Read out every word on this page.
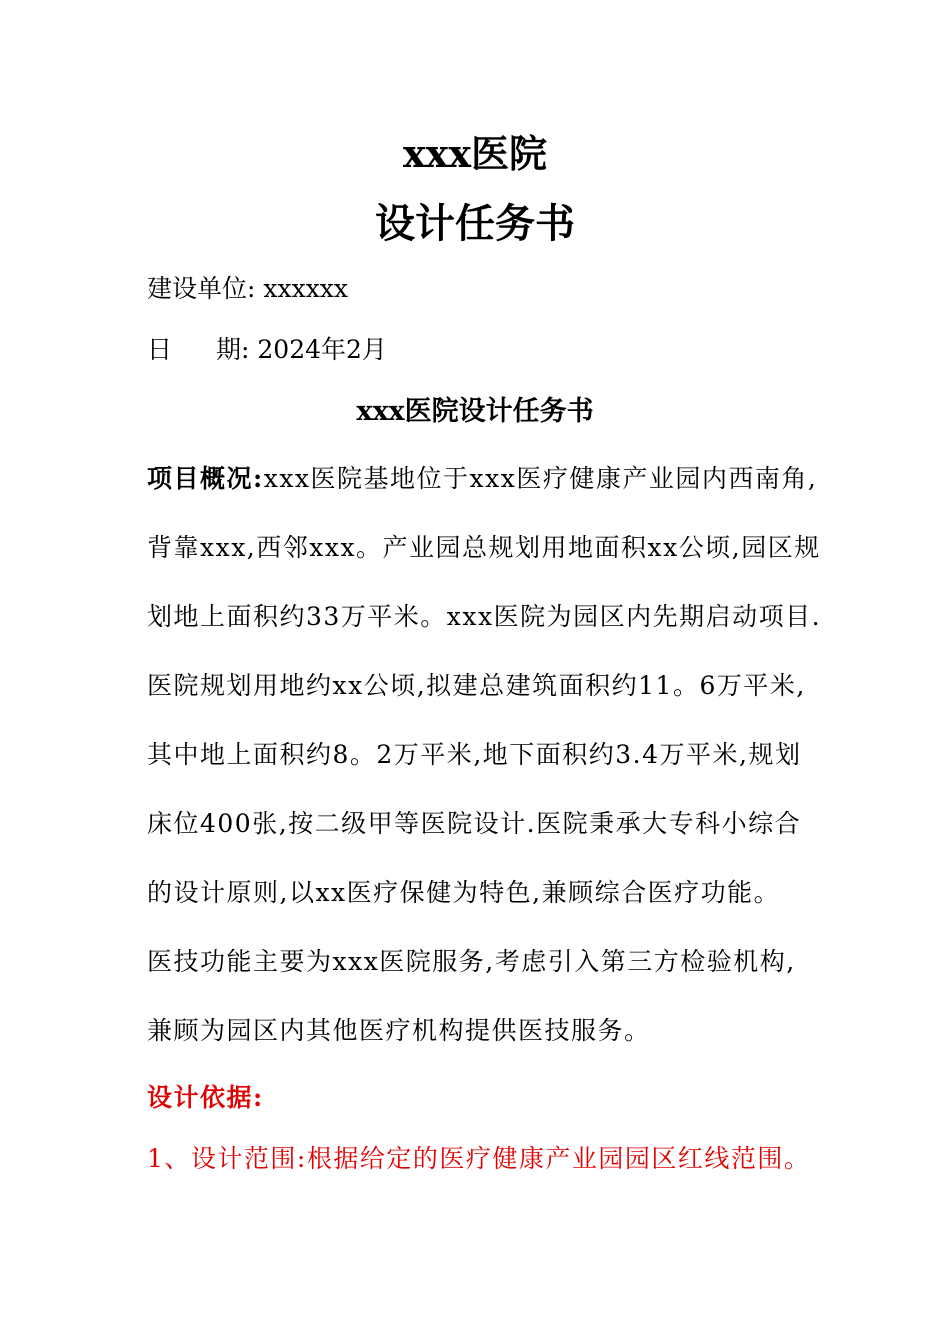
xxx医院
设计任务书
建设单位: xxxxxx
日 期: 2024年2月
xxx医院设计任务书
项目概况:xxx医院基地位于xxx医疗健康产业园内西南角,
背靠xxx,西邻xxx。产业园总规划用地面积xx公顷,园区规
划地上面积约33万平米。xxx医院为园区内先期启动项目.
医院规划用地约xx公顷,拟建总建筑面积约11。6万平米,
其中地上面积约8。2万平米,地下面积约3.4万平米,规划
床位400张,按二级甲等医院设计.医院秉承大专科小综合
的设计原则,以xx医疗保健为特色,兼顾综合医疗功能。
医技功能主要为xxx医院服务,考虑引入第三方检验机构,
兼顾为园区内其他医疗机构提供医技服务。
设计依据:
1、设计范围:根据给定的医疗健康产业园园区红线范围。
